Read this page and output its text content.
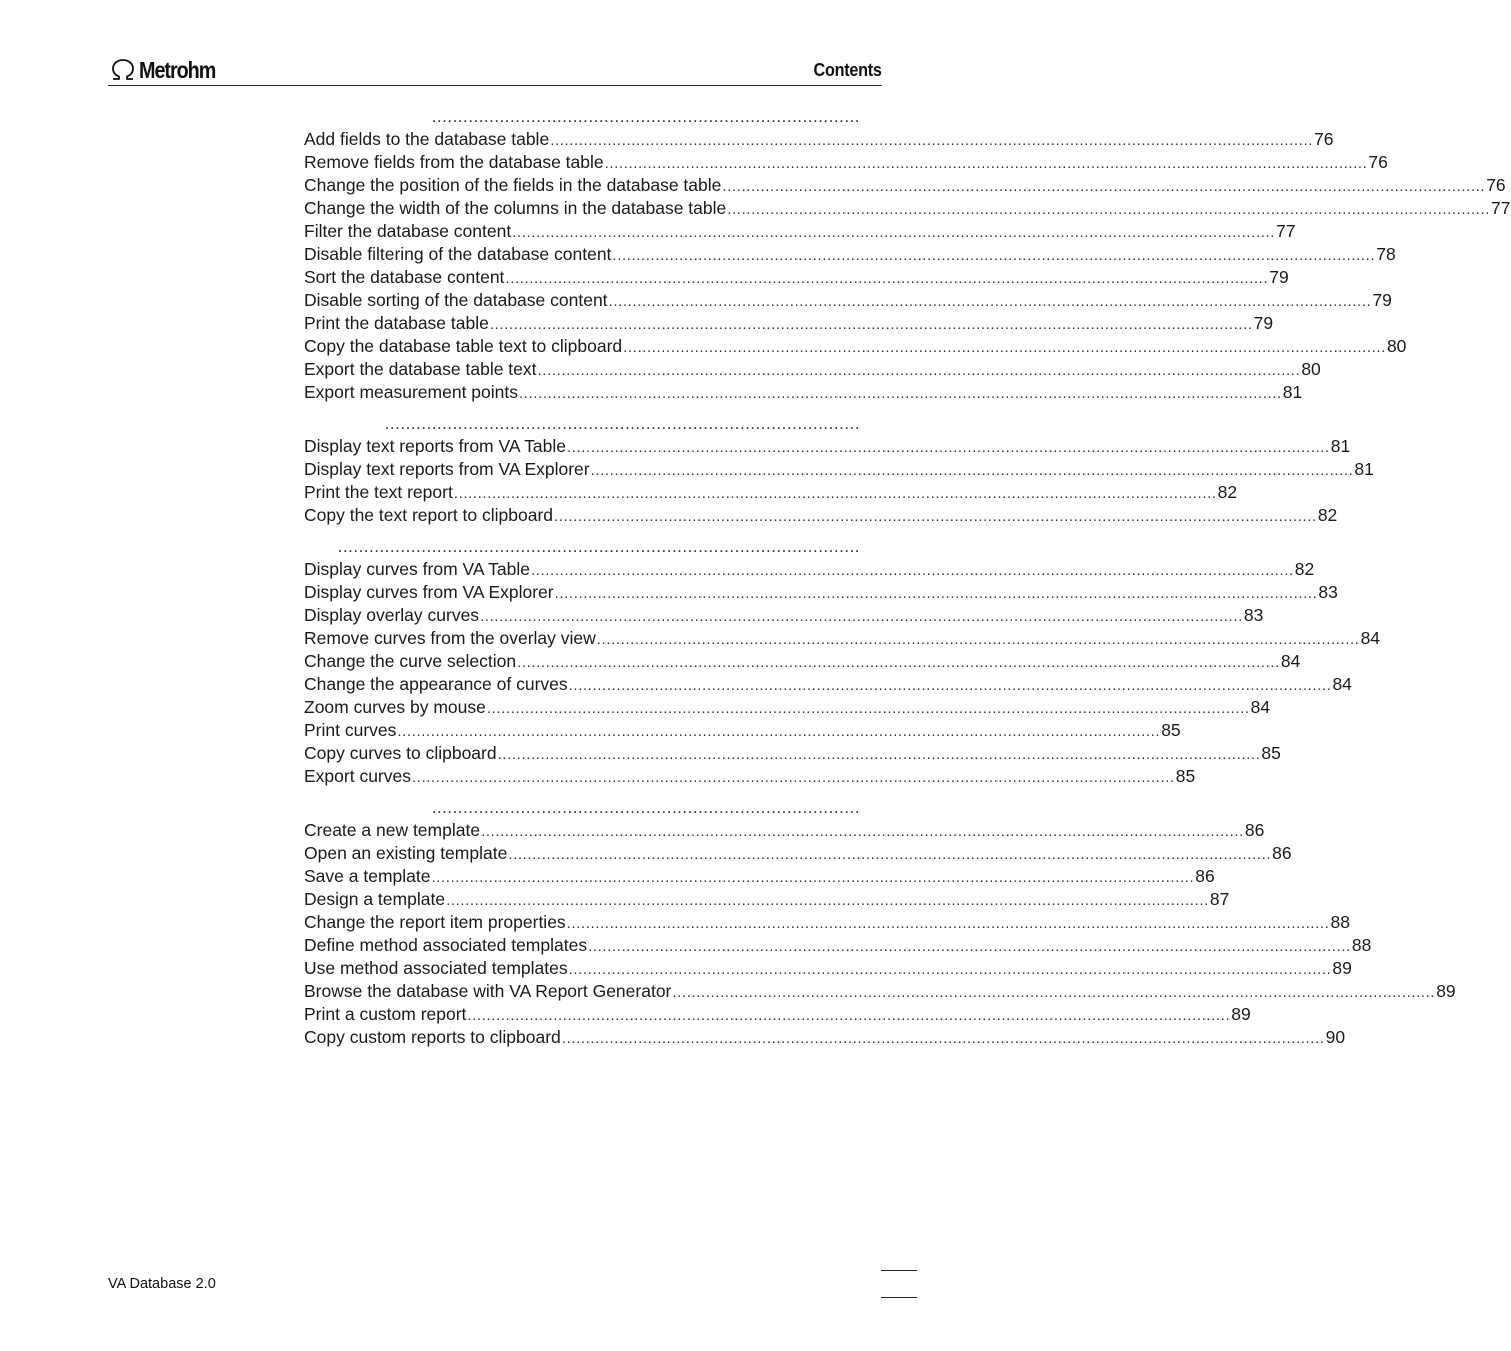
Metrohm	Contents
..................................................................................
Add fields to the database table ................................................................................................................................................................ 76
Remove fields from the database table ................................................................................................................................................................ 76
Change the position of the fields in the database table ................................................................................................................................................................ 76
Change the width of the columns in the database table ................................................................................................................................................................ 77
Filter the database content ................................................................................................................................................................ 77
Disable filtering of the database content ................................................................................................................................................................ 78
Sort the database content ................................................................................................................................................................ 79
Disable sorting of the database content ................................................................................................................................................................ 79
Print the database table ................................................................................................................................................................ 79
Copy the database table text to clipboard ................................................................................................................................................................ 80
Export the database table text ................................................................................................................................................................ 80
Export measurement points ................................................................................................................................................................ 81
...........................................................................................
Display text reports from VA Table ................................................................................................................................................................ 81
Display text reports from VA Explorer ................................................................................................................................................................ 81
Print the text report ................................................................................................................................................................ 82
Copy the text report to clipboard ................................................................................................................................................................ 82
....................................................................................................
Display curves from VA Table ................................................................................................................................................................ 82
Display curves from VA Explorer ................................................................................................................................................................ 83
Display overlay curves ................................................................................................................................................................ 83
Remove curves from the overlay view ................................................................................................................................................................ 84
Change the curve selection ................................................................................................................................................................ 84
Change the appearance of curves ................................................................................................................................................................ 84
Zoom curves by mouse ................................................................................................................................................................ 84
Print curves ................................................................................................................................................................ 85
Copy curves to clipboard ................................................................................................................................................................ 85
Export curves ................................................................................................................................................................ 85
..................................................................................
Create a new template ................................................................................................................................................................ 86
Open an existing template ................................................................................................................................................................ 86
Save a template ................................................................................................................................................................ 86
Design a template ................................................................................................................................................................ 87
Change the report item properties ................................................................................................................................................................ 88
Define method associated templates ................................................................................................................................................................ 88
Use method associated templates ................................................................................................................................................................ 89
Browse the database with VA Report Generator ................................................................................................................................................................ 89
Print a custom report ................................................................................................................................................................ 89
Copy custom reports to clipboard ................................................................................................................................................................ 90
VA Database 2.0
